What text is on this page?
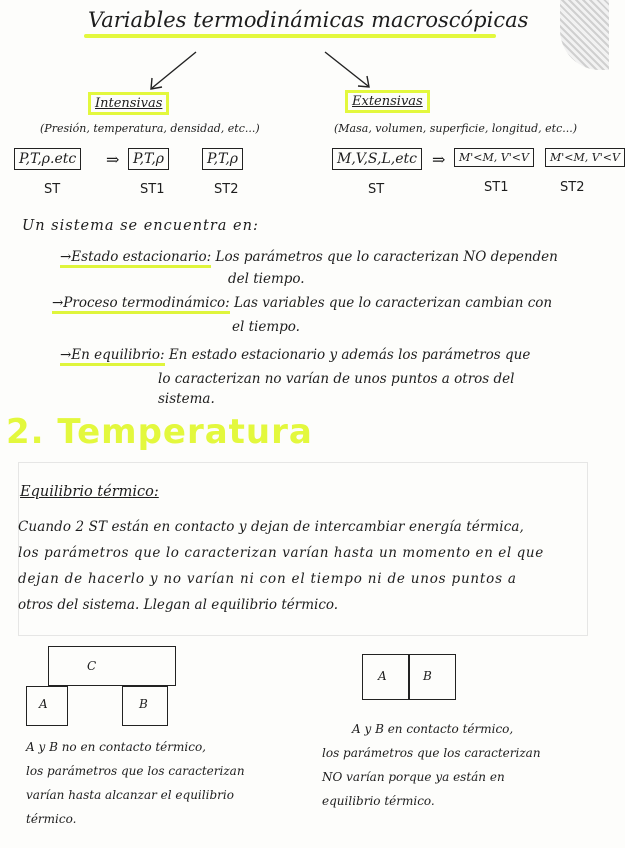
Variables termodinámicas macroscópicas
Intensivas
(Presión, temperatura, densidad, etc...)
P,T,ρ.etc	⇒ P,T,ρ	P,T,ρ
ST	ST1	ST2
Extensivas
(Masa, volumen, superficie, longitud, etc...)
M,V,S,L,etc ⇒	M'<M, V'<V	M'<M, V'<V
ST	ST1	ST2
Un sistema se encuentra en:
→Estado estacionario: Los parámetros que lo caracterizan NO dependen
del tiempo.
→Proceso termodinámico: Las variables que lo caracterizan cambian con
el tiempo.
→En equilibrio: En estado estacionario y además los parámetros que
lo caracterizan no varían de unos puntos a otros del
sistema.
2. Temperatura
Equilibrio térmico:
Cuando 2 ST están en contacto y dejan de intercambiar energía térmica,
los parámetros que lo caracterizan varían hasta un momento en el que
dejan de hacerlo y no varían ni con el tiempo ni de unos puntos a
otros del sistema. Llegan al equilibrio térmico.
C
A	B
A y B no en contacto térmico,
los parámetros que los caracterizan
varían hasta alcanzar el equilibrio
térmico.
A	B
A y B en contacto térmico,
los parámetros que los caracterizan
NO varían porque ya están en
equilibrio térmico.
